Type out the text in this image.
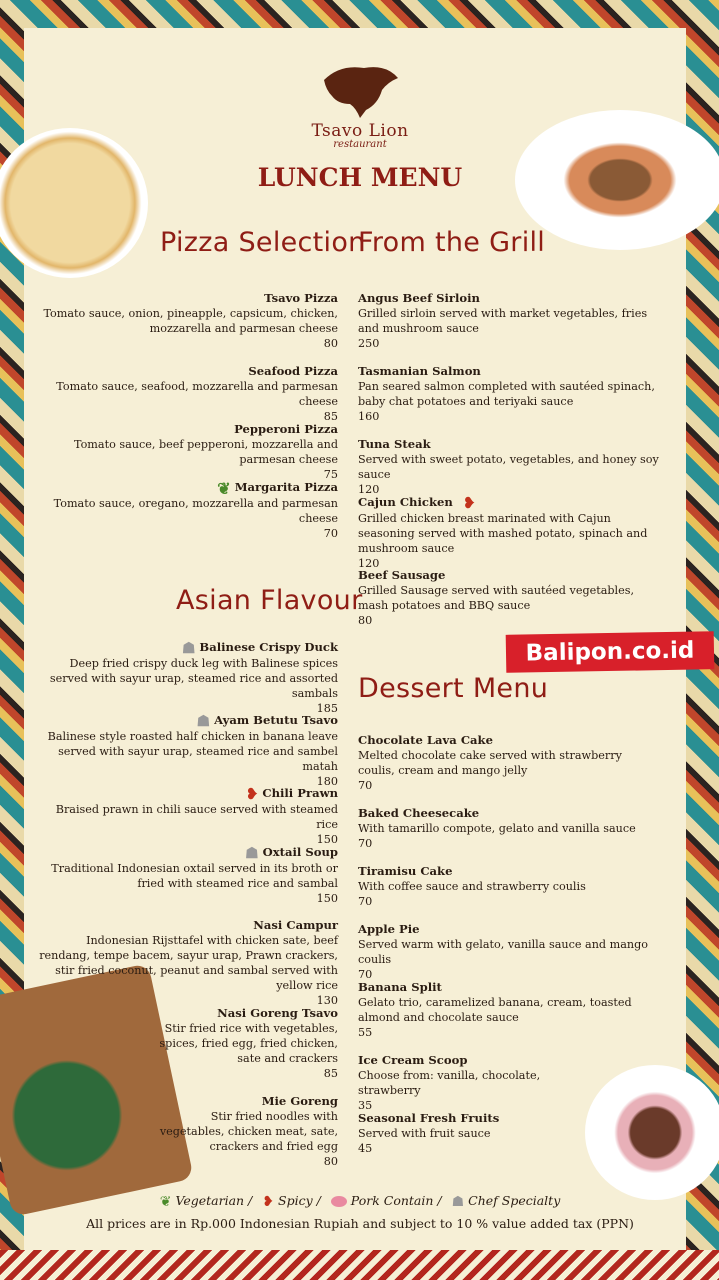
Tsavo Lion
restaurant
LUNCH MENU
Pizza Selection
From the Grill
Asian Flavour
Dessert Menu
Tsavo Pizza
Tomato sauce, onion, pineapple, capsicum, chicken, mozzarella and parmesan cheese
80
Seafood Pizza
Tomato sauce, seafood, mozzarella and parmesan cheese
85
Pepperoni Pizza
Tomato sauce, beef pepperoni, mozzarella and parmesan cheese
75
❦ Margarita Pizza
Tomato sauce, oregano, mozzarella and parmesan cheese
70
☗ Balinese Crispy Duck
Deep fried crispy duck leg with Balinese spices served with sayur urap, steamed rice and assorted sambals
185
☗ Ayam Betutu Tsavo
Balinese style roasted half chicken in banana leave served with sayur urap, steamed rice and sambel matah
180
❥ Chili Prawn
Braised prawn in chili sauce served with steamed rice
150
☗ Oxtail Soup
Traditional Indonesian oxtail served in its broth or fried with steamed rice and sambal
150
Nasi Campur
Indonesian Rijsttafel with chicken sate, beef rendang, tempe bacem, sayur urap, Prawn crackers, stir fried coconut, peanut and sambal served with yellow rice
130
Nasi Goreng Tsavo
Stir fried rice with vegetables, spices, fried egg, fried chicken, sate and crackers
85
Mie Goreng
Stir fried noodles with vegetables, chicken meat, sate, crackers and fried egg
80
Angus Beef Sirloin
Grilled sirloin served with market vegetables, fries and mushroom sauce
250
Tasmanian Salmon
Pan seared salmon completed with sautéed spinach, baby chat potatoes and teriyaki sauce
160
Tuna Steak
Served with sweet potato, vegetables, and honey soy sauce
120
Cajun Chicken ❥
Grilled chicken breast marinated with Cajun seasoning served with mashed potato, spinach and mushroom sauce
120
Beef Sausage
Grilled Sausage served with sautéed vegetables, mash potatoes and BBQ sauce
80
Balipon.co.id
Chocolate Lava Cake
Melted chocolate cake served with strawberry coulis, cream and mango jelly
70
Baked Cheesecake
With tamarillo compote, gelato and vanilla sauce
70
Tiramisu Cake
With coffee sauce and strawberry coulis
70
Apple Pie
Served warm with gelato, vanilla sauce and mango coulis
70
Banana Split
Gelato trio, caramelized banana, cream, toasted almond and chocolate sauce
55
Ice Cream Scoop
Choose from: vanilla, chocolate, strawberry
35
Seasonal Fresh Fruits
Served with fruit sauce
45
❦ Vegetarian / ❥ Spicy / Pork Contain / ☗ Chef Specialty
All prices are in Rp.000 Indonesian Rupiah and subject to 10 % value added tax (PPN)
